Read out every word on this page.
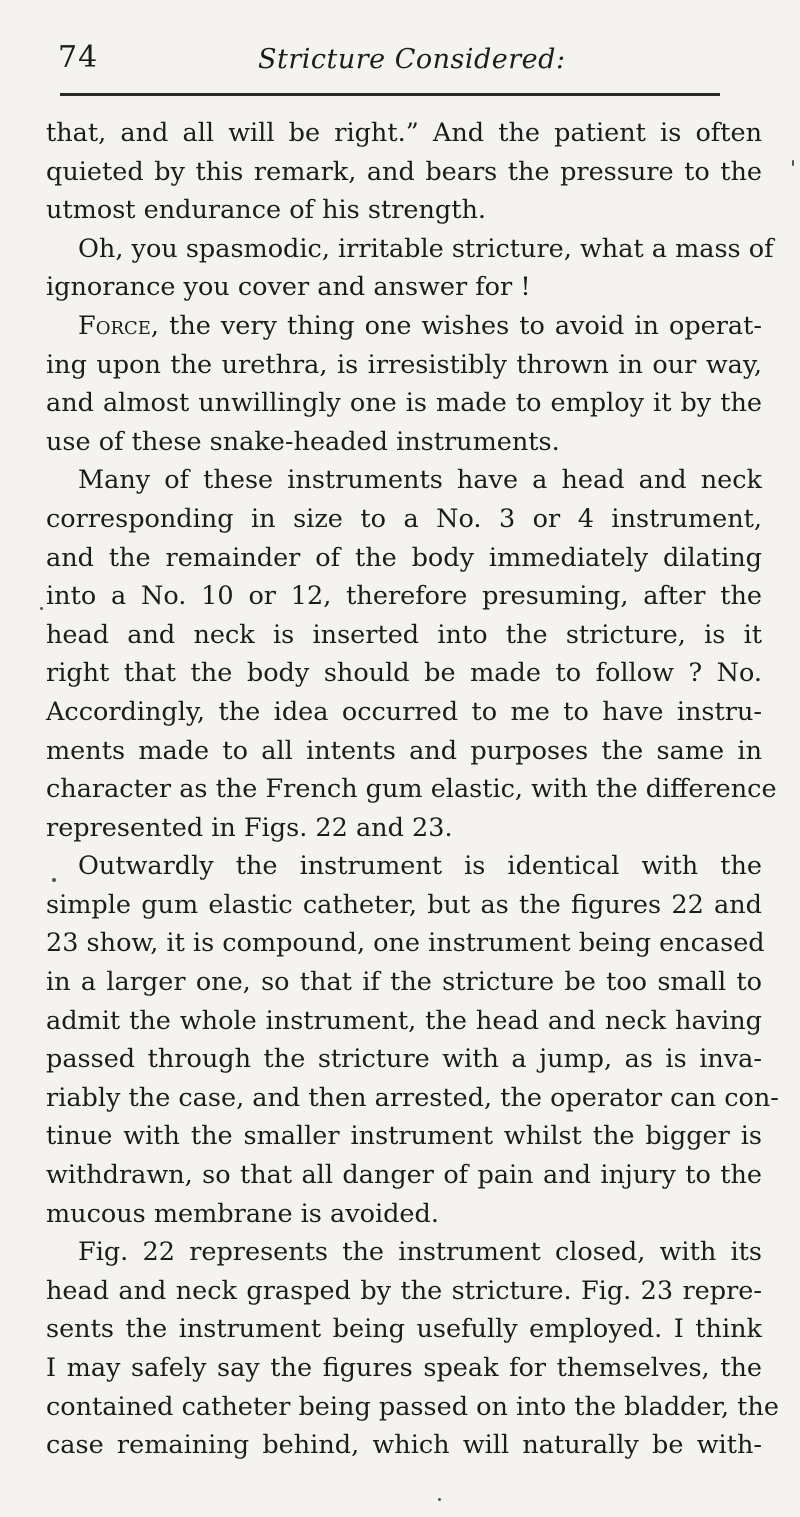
74	Stricture Considered:
that, and all will be right.” And the patient is often
quieted by this remark, and bears the pressure to the
utmost endurance of his strength.
Oh, you spasmodic, irritable stricture, what a mass of
ignorance you cover and answer for !
Force, the very thing one wishes to avoid in operat-
ing upon the urethra, is irresistibly thrown in our way,
and almost unwillingly one is made to employ it by the
use of these snake-headed instruments.
Many of these instruments have a head and neck
corresponding in size to a No. 3 or 4 instrument,
and the remainder of the body immediately dilating
into a No. 10 or 12, therefore presuming, after the
head and neck is inserted into the stricture, is it
right that the body should be made to follow ? No.
Accordingly, the idea occurred to me to have instru-
ments made to all intents and purposes the same in
character as the French gum elastic, with the difference
represented in Figs. 22 and 23.
Outwardly the instrument is identical with the
simple gum elastic catheter, but as the figures 22 and
23 show, it is compound, one instrument being encased
in a larger one, so that if the stricture be too small to
admit the whole instrument, the head and neck having
passed through the stricture with a jump, as is inva-
riably the case, and then arrested, the operator can con-
tinue with the smaller instrument whilst the bigger is
withdrawn, so that all danger of pain and injury to the
mucous membrane is avoided.
Fig. 22 represents the instrument closed, with its
head and neck grasped by the stricture. Fig. 23 repre-
sents the instrument being usefully employed. I think
I may safely say the figures speak for themselves, the
contained catheter being passed on into the bladder, the
case remaining behind, which will naturally be with-
